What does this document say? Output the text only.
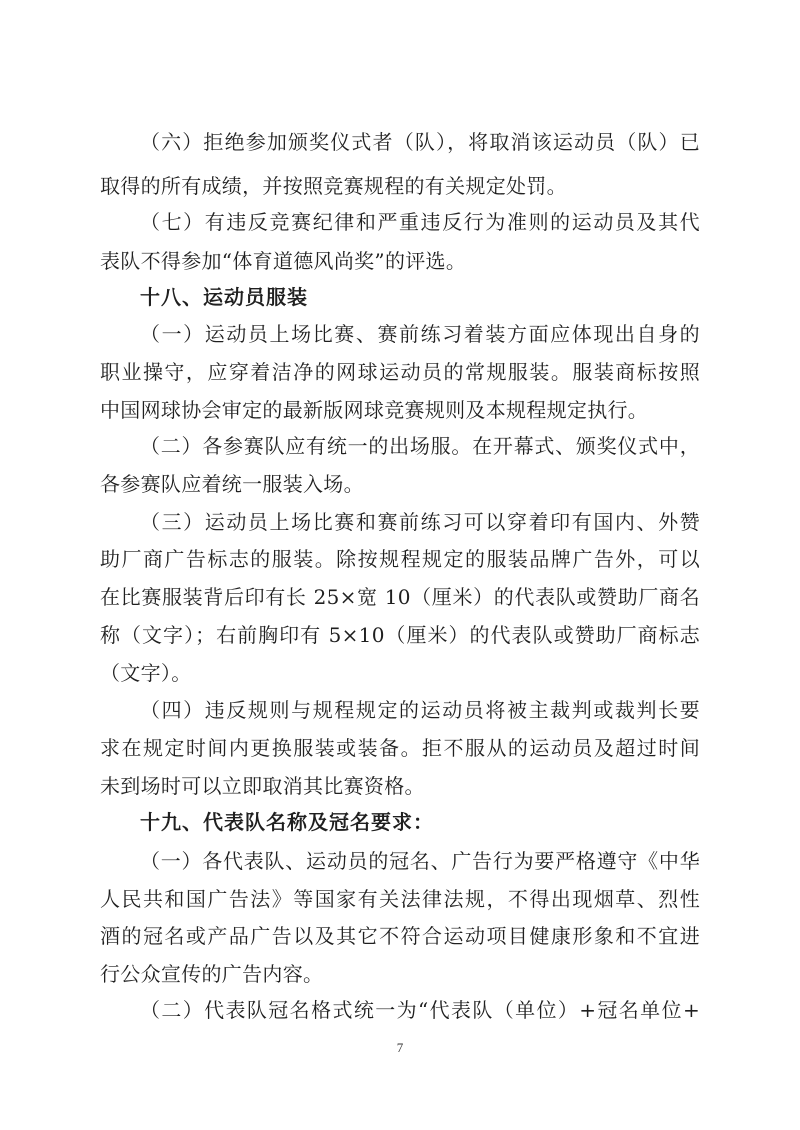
（六）拒绝参加颁奖仪式者（队），将取消该运动员（队）已
取得的所有成绩，并按照竞赛规程的有关规定处罚。
（七）有违反竞赛纪律和严重违反行为准则的运动员及其代
表队不得参加“体育道德风尚奖”的评选。
十八、运动员服装
（一）运动员上场比赛、赛前练习着装方面应体现出自身的
职业操守，应穿着洁净的网球运动员的常规服装。服装商标按照
中国网球协会审定的最新版网球竞赛规则及本规程规定执行。
（二）各参赛队应有统一的出场服。在开幕式、颁奖仪式中，
各参赛队应着统一服装入场。
（三）运动员上场比赛和赛前练习可以穿着印有国内、外赞
助厂商广告标志的服装。除按规程规定的服装品牌广告外，可以
在比赛服装背后印有长 25×宽 10（厘米）的代表队或赞助厂商名
称（文字）；右前胸印有 5×10（厘米）的代表队或赞助厂商标志
（文字）。
（四）违反规则与规程规定的运动员将被主裁判或裁判长要
求在规定时间内更换服装或装备。拒不服从的运动员及超过时间
未到场时可以立即取消其比赛资格。
十九、代表队名称及冠名要求：
（一）各代表队、运动员的冠名、广告行为要严格遵守《中华
人民共和国广告法》等国家有关法律法规，不得出现烟草、烈性
酒的冠名或产品广告以及其它不符合运动项目健康形象和不宜进
行公众宣传的广告内容。
（二）代表队冠名格式统一为“代表队（单位）+冠名单位+
7
